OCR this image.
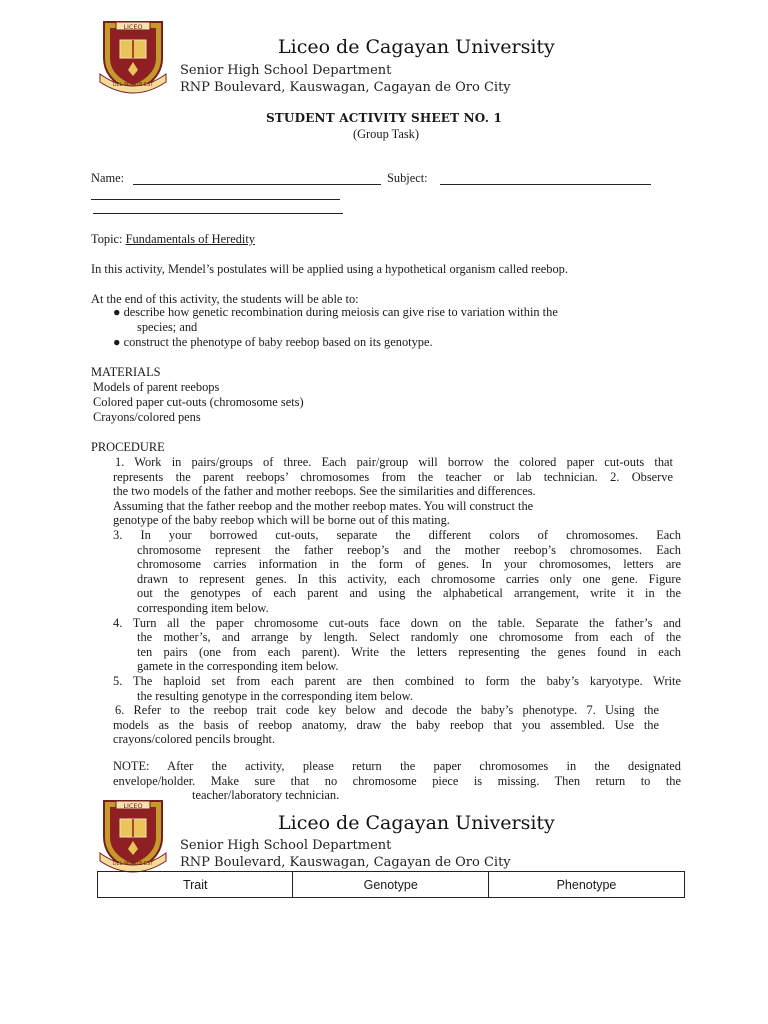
LICEO
DEL MONTE EST
Liceo de Cagayan University
Senior High School Department
RNP Boulevard, Kauswagan, Cagayan de Oro City
STUDENT ACTIVITY SHEET NO. 1
(Group Task)
Name:	Subject:
Topic: Fundamentals of Heredity
In this activity, Mendel’s postulates will be applied using a hypothetical organism called reebop.
At the end of this activity, the students will be able to:
● describe how genetic recombination during meiosis can give rise to variation within the
species; and
● construct the phenotype of baby reebop based on its genotype.
MATERIALS
Models of parent reebops
Colored paper cut-outs (chromosome sets)
Crayons/colored pens
PROCEDURE
1. Work in pairs/groups of three. Each pair/group will borrow the colored paper cut-outs that
represents the parent reebops’ chromosomes from the teacher or lab technician. 2. Observe
the two models of the father and mother reebops. See the similarities and differences.
Assuming that the father reebop and the mother reebop mates. You will construct the
genotype of the baby reebop which will be borne out of this mating.
3. In your borrowed cut-outs, separate the different colors of chromosomes. Each
chromosome represent the father reebop’s and the mother reebop’s chromosomes. Each
chromosome carries information in the form of genes. In your chromosomes, letters are
drawn to represent genes. In this activity, each chromosome carries only one gene. Figure
out the genotypes of each parent and using the alphabetical arrangement, write it in the
corresponding item below.
4. Turn all the paper chromosome cut-outs face down on the table. Separate the father’s and
the mother’s, and arrange by length. Select randomly one chromosome from each of the
ten pairs (one from each parent). Write the letters representing the genes found in each
gamete in the corresponding item below.
5. The haploid set from each parent are then combined to form the baby’s karyotype. Write
the resulting genotype in the corresponding item below.
6. Refer to the reebop trait code key below and decode the baby’s phenotype. 7. Using the
models as the basis of reebop anatomy, draw the baby reebop that you assembled. Use the
crayons/colored pencils brought.
NOTE: After the activity, please return the paper chromosomes in the designated
envelope/holder. Make sure that no chromosome piece is missing. Then return to the
teacher/laboratory technician.
LICEO
DEL MONTE EST
Liceo de Cagayan University
Senior High School Department
RNP Boulevard, Kauswagan, Cagayan de Oro City
Trait	Genotype	Phenotype
